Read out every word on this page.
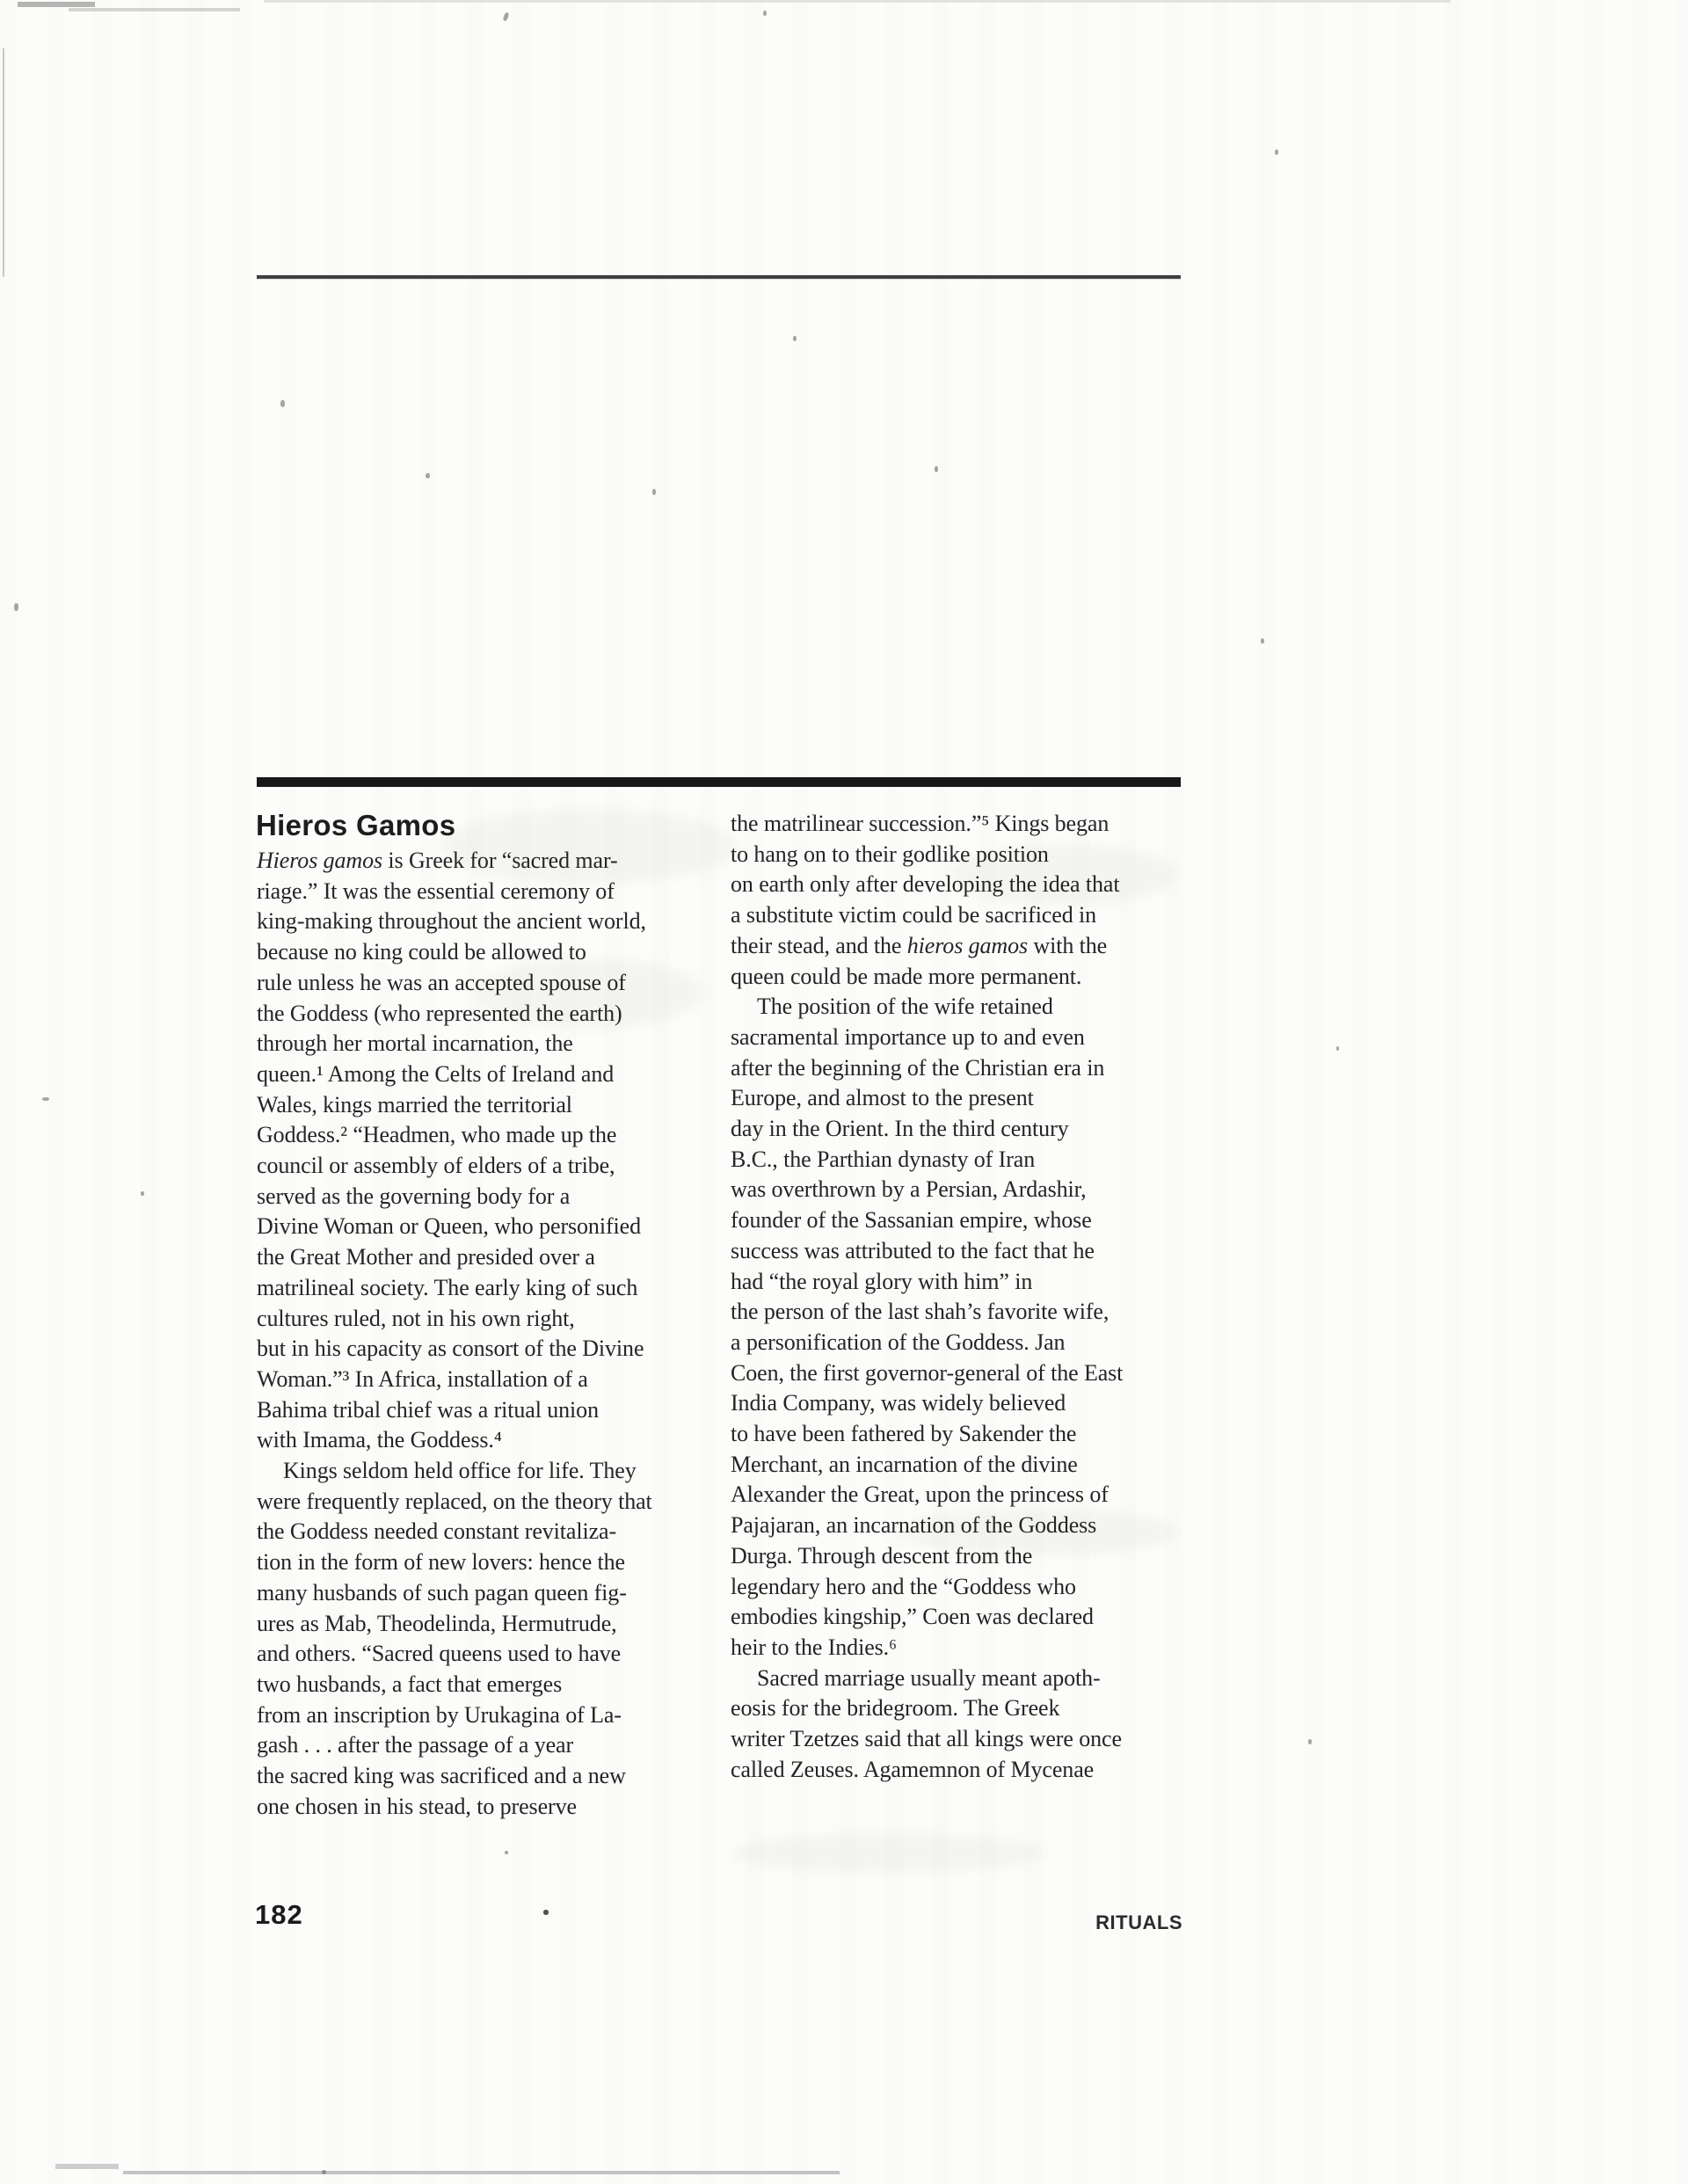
Hieros Gamos
Hieros gamos is Greek for “sacred mar-
riage.” It was the essential ceremony of
king-making throughout the ancient world,
because no king could be allowed to
rule unless he was an accepted spouse of
the Goddess (who represented the earth)
through her mortal incarnation, the
queen.¹ Among the Celts of Ireland and
Wales, kings married the territorial
Goddess.² “Headmen, who made up the
council or assembly of elders of a tribe,
served as the governing body for a
Divine Woman or Queen, who personified
the Great Mother and presided over a
matrilineal society. The early king of such
cultures ruled, not in his own right,
but in his capacity as consort of the Divine
Woman.”³ In Africa, installation of a
Bahima tribal chief was a ritual union
with Imama, the Goddess.⁴
Kings seldom held office for life. They
were frequently replaced, on the theory that
the Goddess needed constant revitaliza-
tion in the form of new lovers: hence the
many husbands of such pagan queen fig-
ures as Mab, Theodelinda, Hermutrude,
and others. “Sacred queens used to have
two husbands, a fact that emerges
from an inscription by Urukagina of La-
gash . . . after the passage of a year
the sacred king was sacrificed and a new
one chosen in his stead, to preserve
the matrilinear succession.”⁵ Kings began
to hang on to their godlike position
on earth only after developing the idea that
a substitute victim could be sacrificed in
their stead, and the hieros gamos with the
queen could be made more permanent.
The position of the wife retained
sacramental importance up to and even
after the beginning of the Christian era in
Europe, and almost to the present
day in the Orient. In the third century
B.C., the Parthian dynasty of Iran
was overthrown by a Persian, Ardashir,
founder of the Sassanian empire, whose
success was attributed to the fact that he
had “the royal glory with him” in
the person of the last shah’s favorite wife,
a personification of the Goddess. Jan
Coen, the first governor-general of the East
India Company, was widely believed
to have been fathered by Sakender the
Merchant, an incarnation of the divine
Alexander the Great, upon the princess of
Pajajaran, an incarnation of the Goddess
Durga. Through descent from the
legendary hero and the “Goddess who
embodies kingship,” Coen was declared
heir to the Indies.⁶
Sacred marriage usually meant apoth-
eosis for the bridegroom. The Greek
writer Tzetzes said that all kings were once
called Zeuses. Agamemnon of Mycenae
182	RITUALS
